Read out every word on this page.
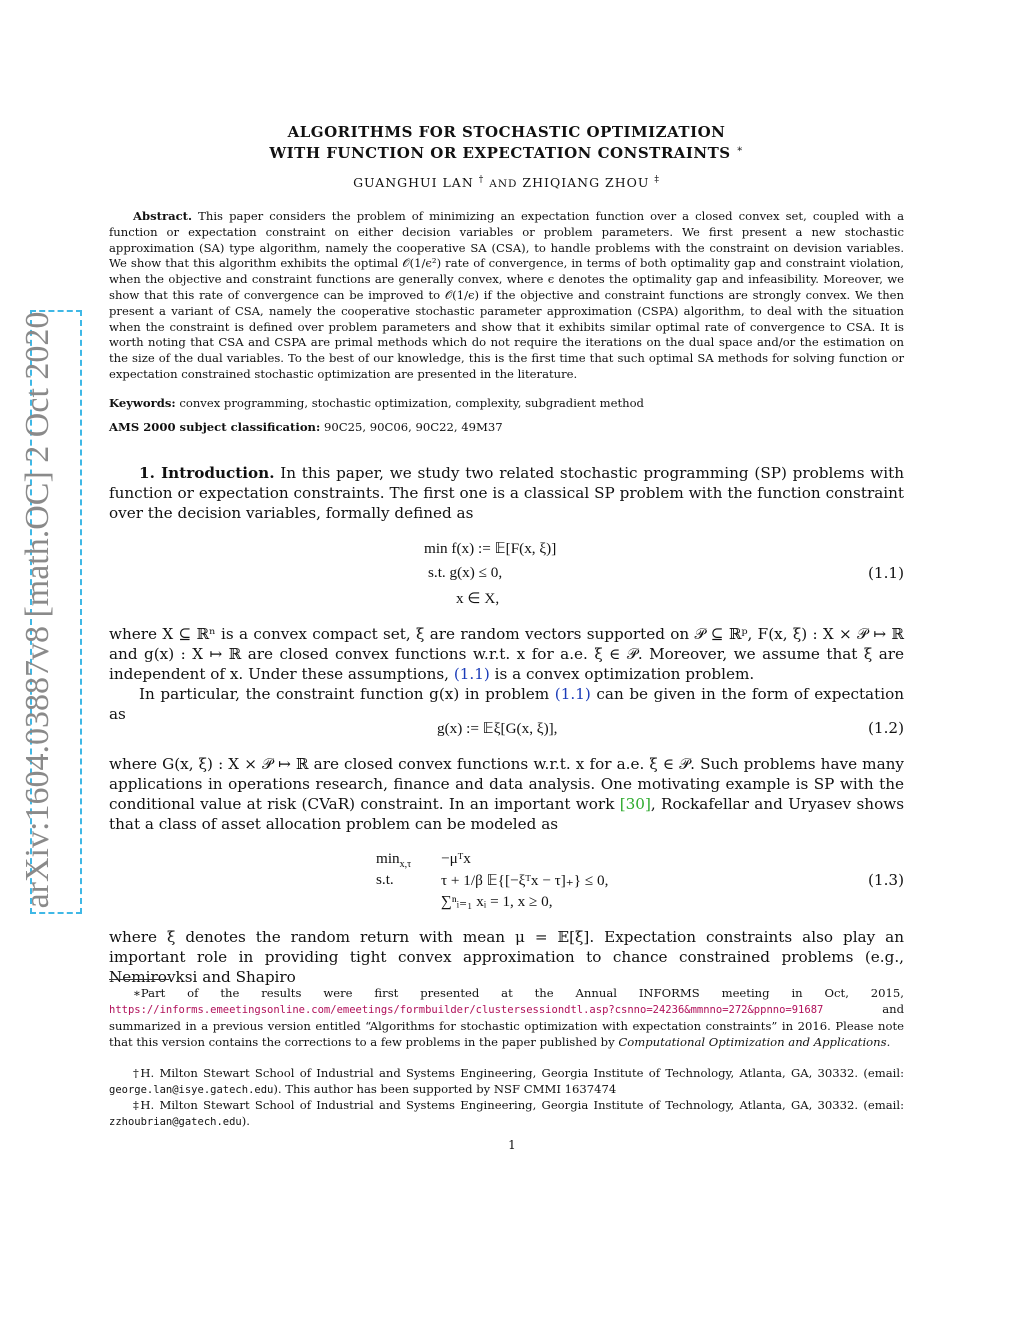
arXiv:1604.03887v8 [math.OC] 2 Oct 2020
ALGORITHMS FOR STOCHASTIC OPTIMIZATION
WITH FUNCTION OR EXPECTATION CONSTRAINTS ∗
GUANGHUI LAN † AND ZHIQIANG ZHOU ‡
Abstract. This paper considers the problem of minimizing an expectation function over a closed convex set, coupled with a function or expectation constraint on either decision variables or problem parameters. We first present a new stochastic approximation (SA) type algorithm, namely the cooperative SA (CSA), to handle problems with the constraint on devision variables. We show that this algorithm exhibits the optimal 𝒪(1/ϵ²) rate of convergence, in terms of both optimality gap and constraint violation, when the objective and constraint functions are generally convex, where ϵ denotes the optimality gap and infeasibility. Moreover, we show that this rate of convergence can be improved to 𝒪(1/ϵ) if the objective and constraint functions are strongly convex. We then present a variant of CSA, namely the cooperative stochastic parameter approximation (CSPA) algorithm, to deal with the situation when the constraint is defined over problem parameters and show that it exhibits similar optimal rate of convergence to CSA. It is worth noting that CSA and CSPA are primal methods which do not require the iterations on the dual space and/or the estimation on the size of the dual variables. To the best of our knowledge, this is the first time that such optimal SA methods for solving function or expectation constrained stochastic optimization are presented in the literature.
Keywords: convex programming, stochastic optimization, complexity, subgradient method
AMS 2000 subject classification: 90C25, 90C06, 90C22, 49M37
1. Introduction. In this paper, we study two related stochastic programming (SP) problems with function or expectation constraints. The first one is a classical SP problem with the function constraint over the decision variables, formally defined as
min f(x) := 𝔼[F(x, ξ)]
s.t. g(x) ≤ 0,
x ∈ X,
(1.1)
where X ⊆ ℝⁿ is a convex compact set, ξ are random vectors supported on 𝒫 ⊆ ℝᵖ, F(x, ξ) : X × 𝒫 ↦ ℝ and g(x) : X ↦ ℝ are closed convex functions w.r.t. x for a.e. ξ ∈ 𝒫. Moreover, we assume that ξ are independent of x. Under these assumptions, (1.1) is a convex optimization problem.
In particular, the constraint function g(x) in problem (1.1) can be given in the form of expectation as
g(x) := 𝔼ξ[G(x, ξ)],	(1.2)
where G(x, ξ) : X × 𝒫 ↦ ℝ are closed convex functions w.r.t. x for a.e. ξ ∈ 𝒫. Such problems have many applications in operations research, finance and data analysis. One motivating example is SP with the conditional value at risk (CVaR) constraint. In an important work [30], Rockafellar and Uryasev shows that a class of asset allocation problem can be modeled as
$\min_{x,\tau}$ −μᵀx
s.t.	τ + 1/β 𝔼{[−ξᵀx − τ]₊} ≤ 0,
∑ⁿᵢ₌₁ xᵢ = 1, x ≥ 0,
(1.3)
where ξ denotes the random return with mean μ = 𝔼[ξ]. Expectation constraints also play an important role in providing tight convex approximation to chance constrained problems (e.g., Nemirovksi and Shapiro
∗Part of the results were first presented at the Annual INFORMS meeting in Oct, 2015, https://informs.emeetingsonline.com/emeetings/formbuilder/clustersessiondtl.asp?csnno=24236&mmnno=272&ppnno=91687	and summarized in a previous version entitled “Algorithms for stochastic optimization with expectation constraints” in 2016. Please note that this version contains the corrections to a few problems in the paper published by Computational Optimization and Applications.
†H. Milton Stewart School of Industrial and Systems Engineering, Georgia Institute of Technology, Atlanta, GA, 30332. (email: george.lan@isye.gatech.edu). This author has been supported by NSF CMMI 1637474
‡H. Milton Stewart School of Industrial and Systems Engineering, Georgia Institute of Technology, Atlanta, GA, 30332. (email: zzhoubrian@gatech.edu).
1
